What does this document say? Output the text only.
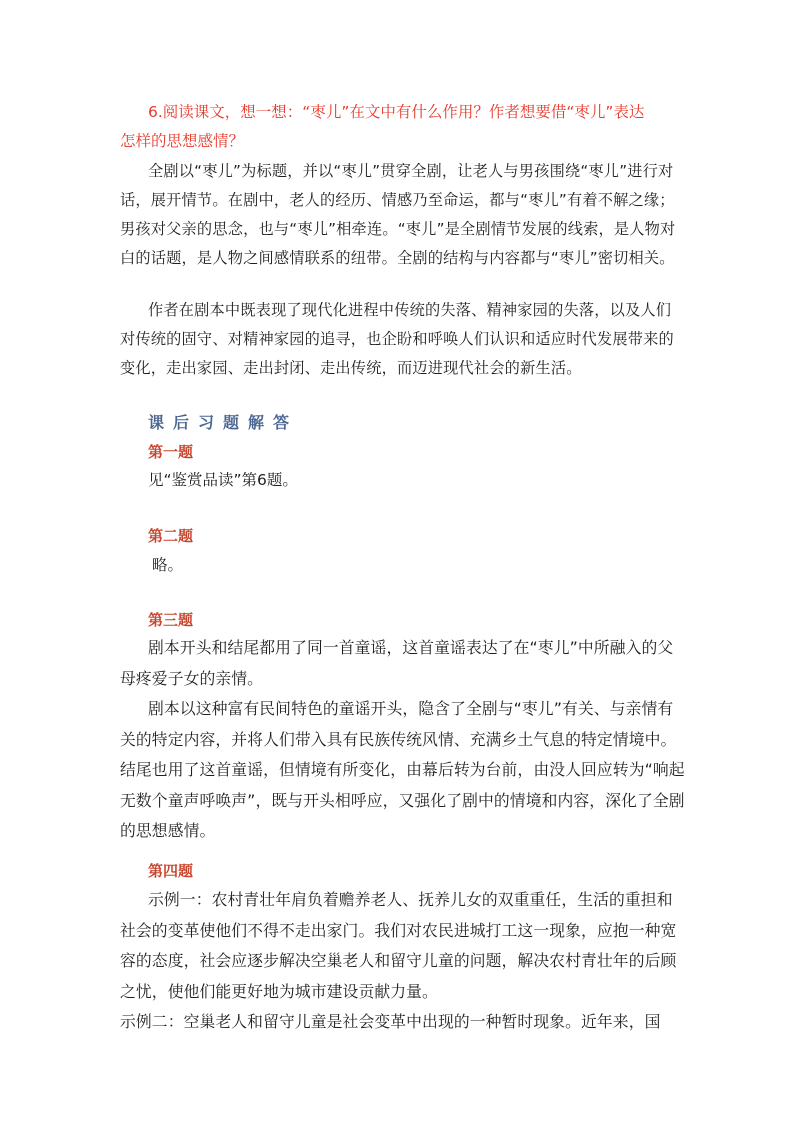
6.阅读课文，想一想：“枣儿”在文中有什么作用？作者想要借“枣儿”表达
怎样的思想感情？

全剧以“枣儿”为标题，并以“枣儿”贯穿全剧，让老人与男孩围绕“枣儿”进行对话，展开情节。在剧中，老人的经历、情感乃至命运，都与“枣儿”有着不解之缘；男孩对父亲的思念，也与“枣儿”相牵连。“枣儿”是全剧情节发展的线索，是人物对白的话题，是人物之间感情联系的纽带。全剧的结构与内容都与“枣儿”密切相关。

作者在剧本中既表现了现代化进程中传统的失落、精神家园的失落，以及人们对传统的固守、对精神家园的追寻，也企盼和呼唤人们认识和适应时代发展带来的变化，走出家园、走出封闭、走出传统，而迈进现代社会的新生活。

课后习题解答
第一题

见“鉴赏品读”第6题。

第二题

略。

第三题

剧本开头和结尾都用了同一首童谣，这首童谣表达了在“枣儿”中所融入的父母疼爱子女的亲情。

剧本以这种富有民间特色的童谣开头，隐含了全剧与“枣儿”有关、与亲情有关的特定内容，并将人们带入具有民族传统风情、充满乡土气息的特定情境中。结尾也用了这首童谣，但情境有所变化，由幕后转为台前，由没人回应转为“响起无数个童声呼唤声”，既与开头相呼应，又强化了剧中的情境和内容，深化了全剧的思想感情。

第四题

示例一：农村青壮年肩负着赡养老人、抚养儿女的双重重任，生活的重担和社会的变革使他们不得不走出家门。我们对农民进城打工这一现象，应抱一种宽容的态度，社会应逐步解决空巢老人和留守儿童的问题，解决农村青壮年的后顾之忧，使他们能更好地为城市建设贡献力量。

示例二：空巢老人和留守儿童是社会变革中出现的一种暂时现象。近年来，国
